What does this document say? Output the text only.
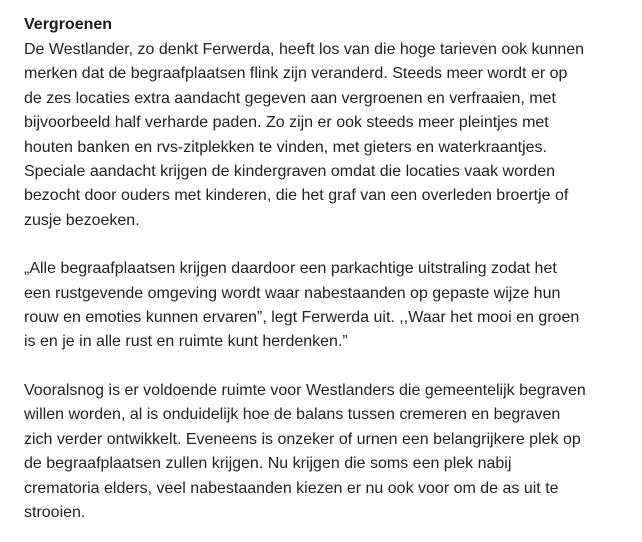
Vergroenen
De Westlander, zo denkt Ferwerda, heeft los van die hoge tarieven ook kunnen
merken dat de begraafplaatsen flink zijn veranderd. Steeds meer wordt er op
de zes locaties extra aandacht gegeven aan vergroenen en verfraaien, met
bijvoorbeeld half verharde paden. Zo zijn er ook steeds meer pleintjes met
houten banken en rvs-zitplekken te vinden, met gieters en waterkraantjes.
Speciale aandacht krijgen de kindergraven omdat die locaties vaak worden
bezocht door ouders met kinderen, die het graf van een overleden broertje of
zusje bezoeken.
„Alle begraafplaatsen krijgen daardoor een parkachtige uitstraling zodat het
een rustgevende omgeving wordt waar nabestaanden op gepaste wijze hun
rouw en emoties kunnen ervaren”, legt Ferwerda uit. ,,Waar het mooi en groen
is en je in alle rust en ruimte kunt herdenken.”
Vooralsnog is er voldoende ruimte voor Westlanders die gemeentelijk begraven
willen worden, al is onduidelijk hoe de balans tussen cremeren en begraven
zich verder ontwikkelt. Eveneens is onzeker of urnen een belangrijkere plek op
de begraafplaatsen zullen krijgen. Nu krijgen die soms een plek nabij
crematoria elders, veel nabestaanden kiezen er nu ook voor om de as uit te
strooien.
